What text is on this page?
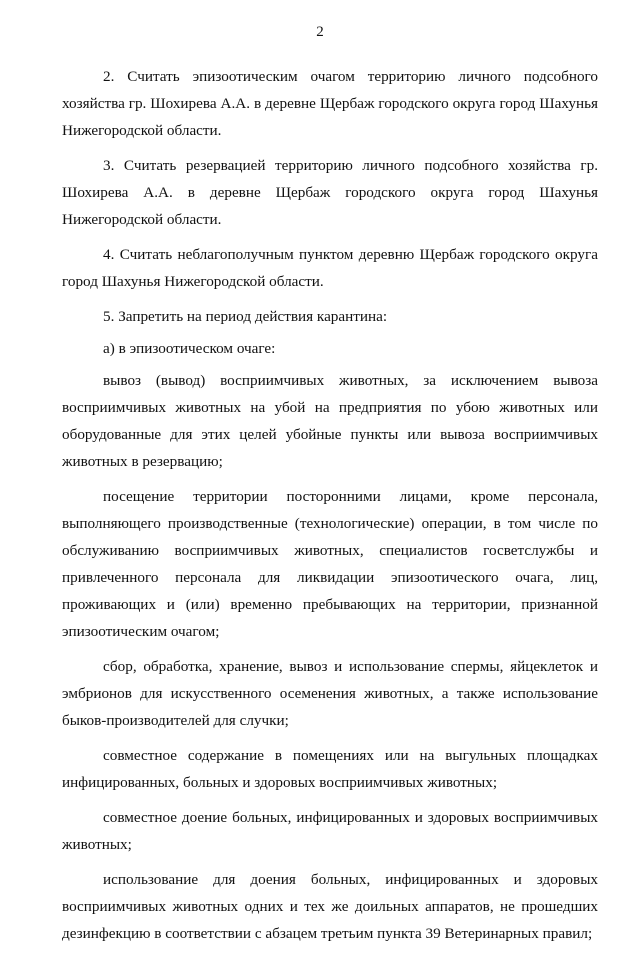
2

2. Считать эпизоотическим очагом территорию личного подсобного хозяйства гр. Шохирева А.А. в деревне Щербаж городского округа город Шахунья Нижегородской области.

3. Считать резервацией территорию личного подсобного хозяйства гр. Шохирева А.А. в деревне Щербаж городского округа город Шахунья Нижегородской области.

4. Считать неблагополучным пунктом деревню Щербаж городского округа город Шахунья Нижегородской области.

5. Запретить на период действия карантина:

а) в эпизоотическом очаге:

вывоз (вывод) восприимчивых животных, за исключением вывоза восприимчивых животных на убой на предприятия по убою животных или оборудованные для этих целей убойные пункты или вывоза восприимчивых животных в резервацию;

посещение территории посторонними лицами, кроме персонала, выполняющего производственные (технологические) операции, в том числе по обслуживанию восприимчивых животных, специалистов госветслужбы и привлеченного персонала для ликвидации эпизоотического очага, лиц, проживающих и (или) временно пребывающих на территории, признанной эпизоотическим очагом;

сбор, обработка, хранение, вывоз и использование спермы, яйцеклеток и эмбрионов для искусственного осеменения животных, а также использование быков-производителей для случки;

совместное содержание в помещениях или на выгульных площадках инфицированных, больных и здоровых восприимчивых животных;

совместное доение больных, инфицированных и здоровых восприимчивых животных;

использование для доения больных, инфицированных и здоровых восприимчивых животных одних и тех же доильных аппаратов, не прошедших дезинфекцию в соответствии с абзацем третьим пункта 39 Ветеринарных правил;
